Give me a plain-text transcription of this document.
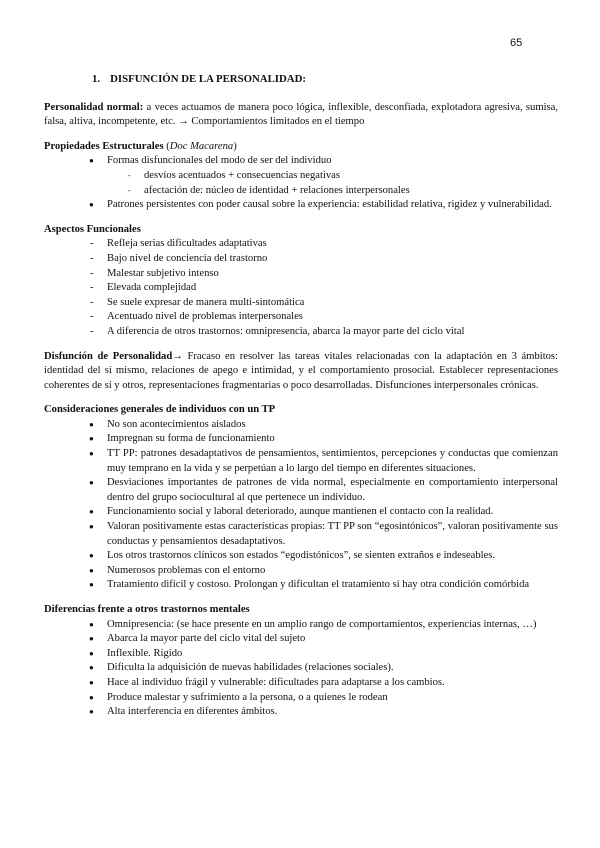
65
1. DISFUNCIÓN DE LA PERSONALIDAD:

Personalidad normal: a veces actuamos de manera poco lógica, inflexible, desconfiada, explotadora agresiva, sumisa, falsa, altiva, incompetente, etc. → Comportamientos limitados en el tiempo

Propiedades Estructurales (Doc Macarena)
● Formas disfuncionales del modo de ser del individuo
- desvíos acentuados + consecuencias negativas
- afectación de: núcleo de identidad + relaciones interpersonales
● Patrones persistentes con poder causal sobre la experiencia: estabilidad relativa, rigidez y vulnerabilidad.
Aspectos Funcionales
- Refleja serias dificultades adaptativas
- Bajo nivel de conciencia del trastorno
- Malestar subjetivo intenso
- Elevada complejidad
- Se suele expresar de manera multi-sintomática
- Acentuado nivel de problemas interpersonales
- A diferencia de otros trastornos: omnipresencia, abarca la mayor parte del ciclo vital

Disfunción de Personalidad→ Fracaso en resolver las tareas vitales relacionadas con la adaptación en 3 ámbitos: identidad del sí mismo, relaciones de apego e intimidad, y el comportamiento prosocial. Establecer representaciones coherentes de sí y otros, representaciones fragmentarias o poco desarrolladas. Disfunciones interpersonales crónicas.

Consideraciones generales de individuos con un TP
● No son acontecimientos aislados
● Impregnan su forma de funcionamiento
● TT PP: patrones desadaptativos de pensamientos, sentimientos, percepciones y conductas que comienzan muy temprano en la vida y se perpetúan a lo largo del tiempo en diferentes situaciones.
● Desviaciones importantes de patrones de vida normal, especialmente en comportamiento interpersonal dentro del grupo sociocultural al que pertenece un individuo.
● Funcionamiento social y laboral deteriorado, aunque mantienen el contacto con la realidad.
● Valoran positivamente estas características propias: TT PP son “egosintónicos”, valoran positivamente sus conductas y pensamientos desadaptativos.
● Los otros trastornos clínicos son estados “egodistónicos”, se sienten extraños e indeseables.
● Numerosos problemas con el entorno
● Tratamiento difícil y costoso. Prolongan y dificultan el tratamiento si hay otra condición comórbida
Diferencias frente a otros trastornos mentales
● Omnipresencia: (se hace presente en un amplio rango de comportamientos, experiencias internas, …)
● Abarca la mayor parte del ciclo vital del sujeto
● Inflexible. Rígido
● Dificulta la adquisición de nuevas habilidades (relaciones sociales).
● Hace al individuo frágil y vulnerable: dificultades para adaptarse a los cambios.
● Produce malestar y sufrimiento a la persona, o a quienes le rodean
● Alta interferencia en diferentes ámbitos.
